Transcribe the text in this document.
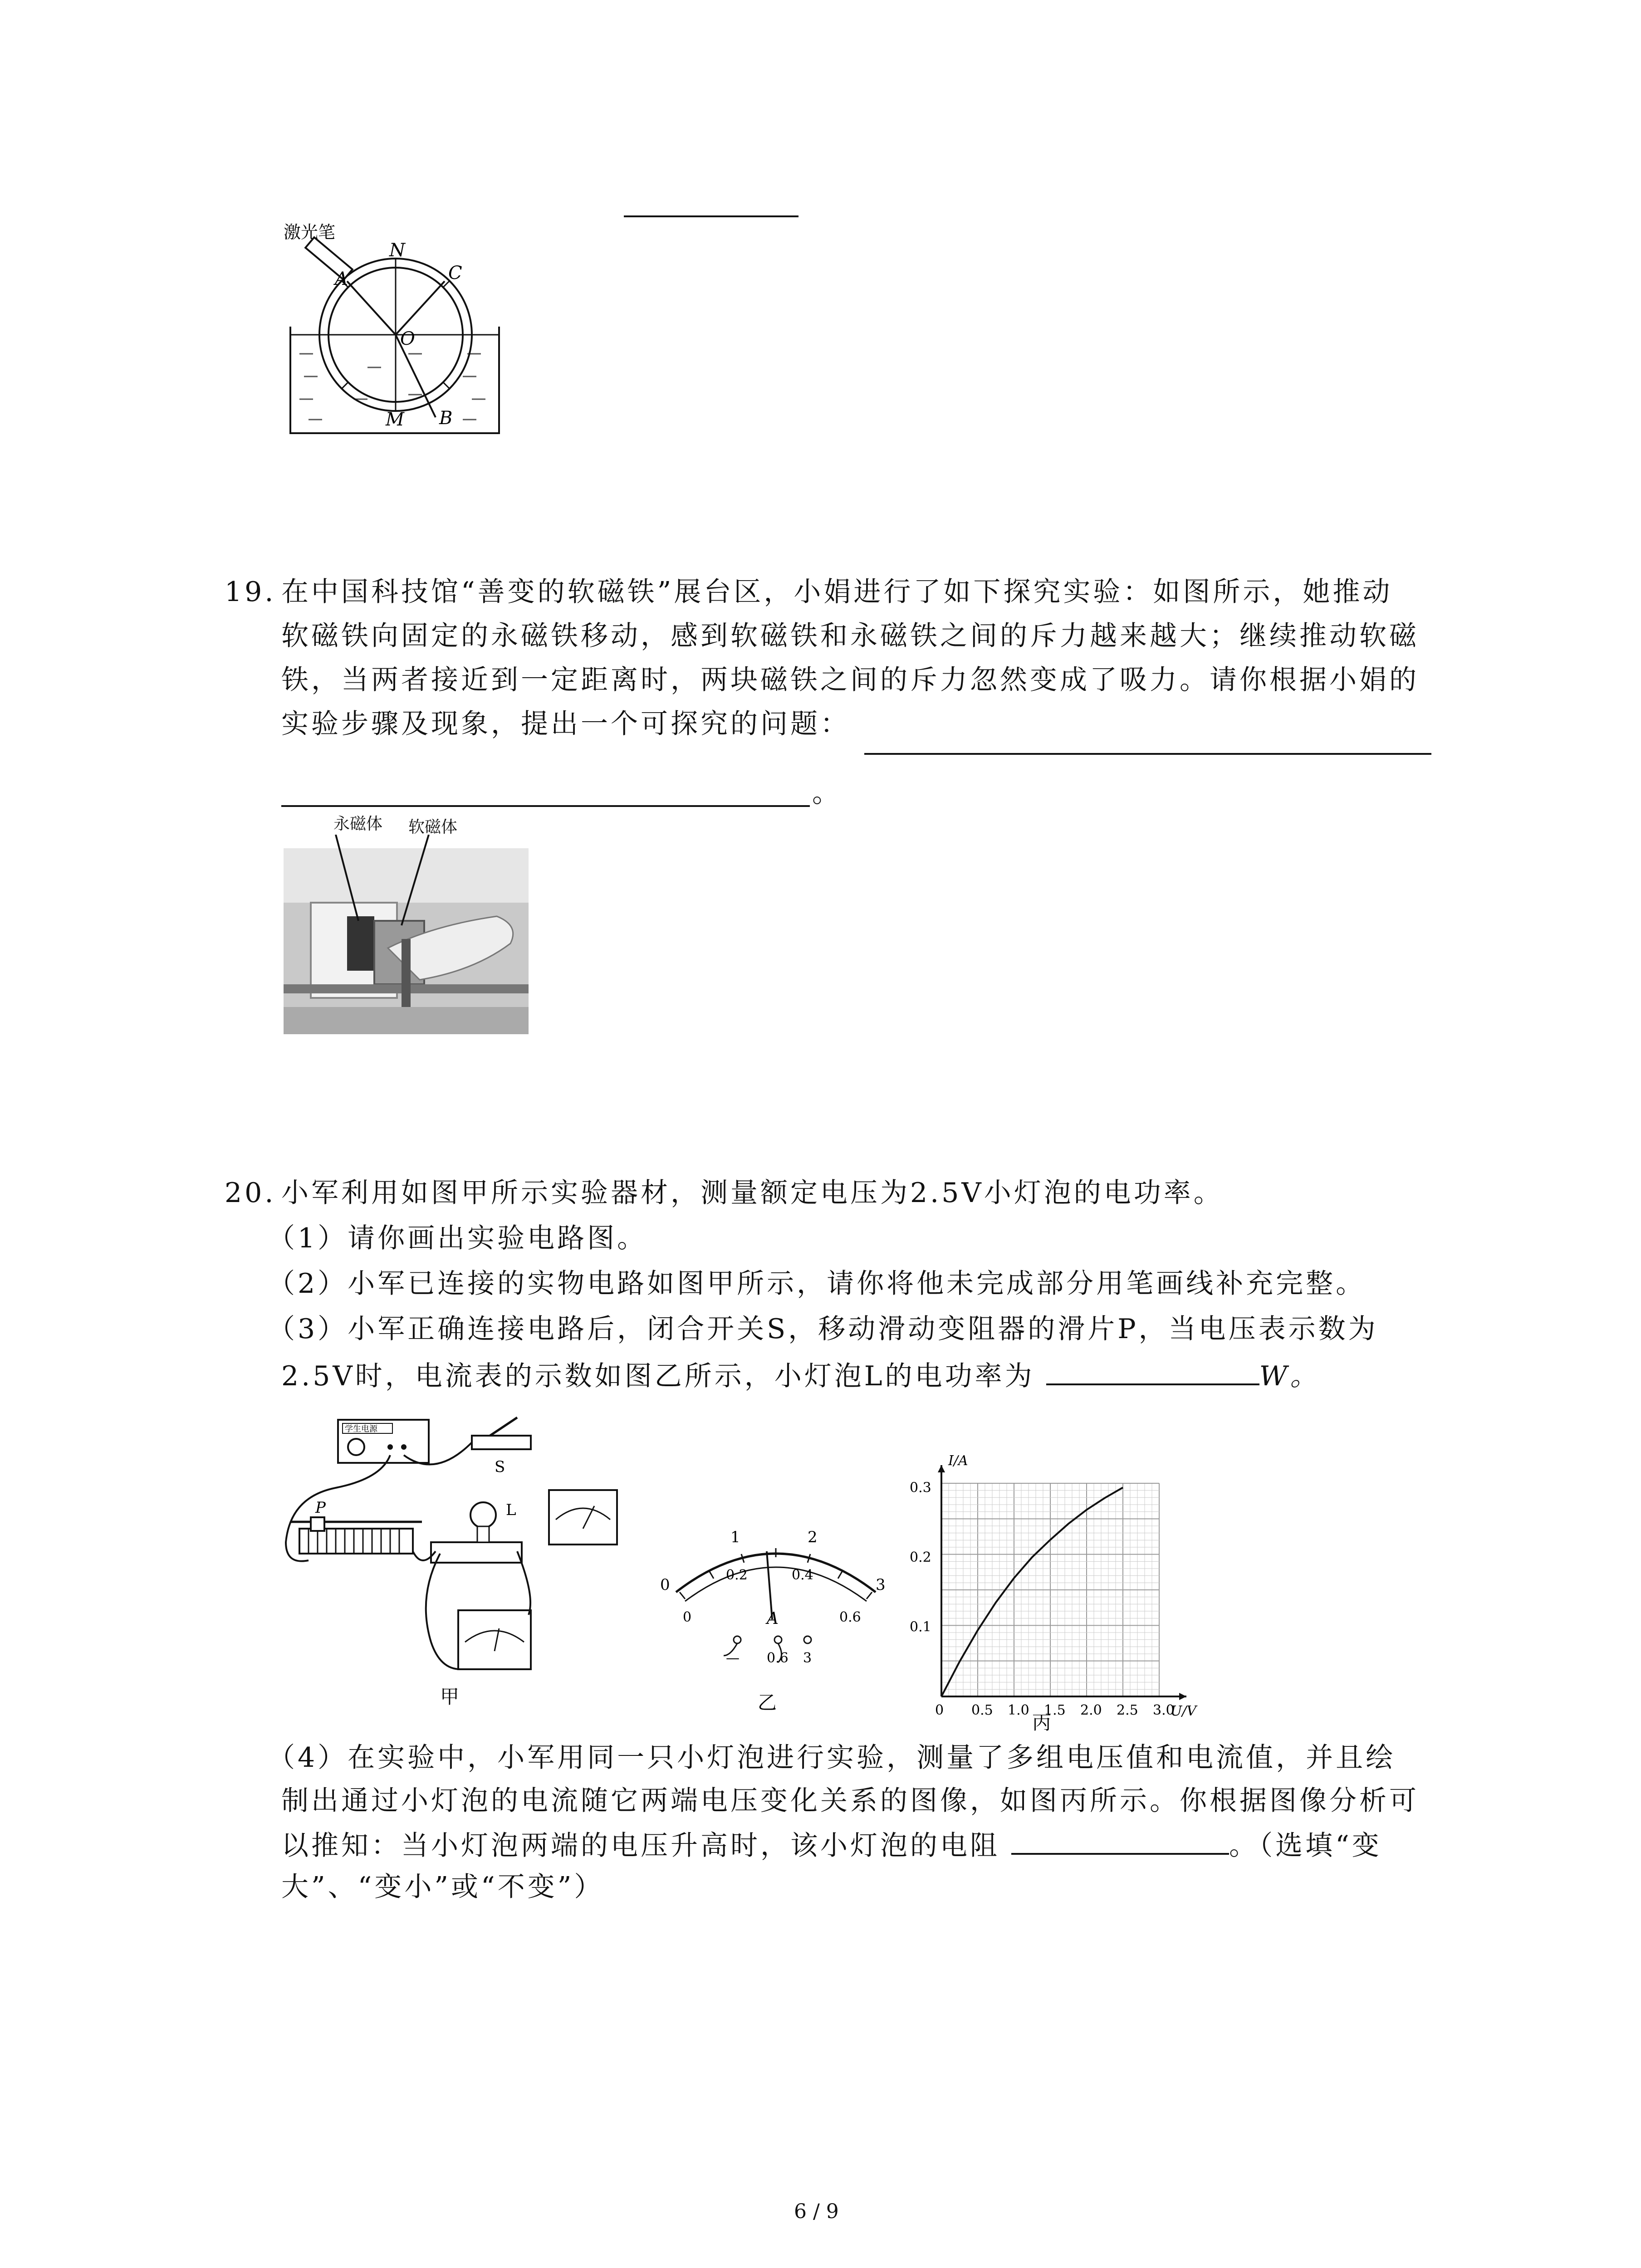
激光笔
A
N
C
O
M B
19. 在中国科技馆“善变的软磁铁”展台区，小娟进行了如下探究实验：如图所示，她推动
软磁铁向固定的永磁铁移动，感到软磁铁和永磁铁之间的斥力越来越大；继续推动软磁
铁，当两者接近到一定距离时，两块磁铁之间的斥力忽然变成了吸力。请你根据小娟的
实验步骤及现象，提出一个可探究的问题：
。
永磁体 软磁体
20. 小军利用如图甲所示实验器材，测量额定电压为2.5V小灯泡的电功率。
（1）请你画出实验电路图。
（2）小军已连接的实物电路如图甲所示，请你将他未完成部分用笔画线补充完整。
（3）小军正确连接电路后，闭合开关S，移动滑动变阻器的滑片P，当电压表示数为
2.5V时，电流表的示数如图乙所示，小灯泡L的电功率为	W。
学生电源
S
P	L
甲
0
1	2
3
0
0.2	0.4
0.6
A
— 0.6 3
乙	0 0.5 1.0 1.5 2.0 2.5 3.0
0.1
0.2
0.3
I/A
U/V
丙
（4）在实验中，小军用同一只小灯泡进行实验，测量了多组电压值和电流值，并且绘
制出通过小灯泡的电流随它两端电压变化关系的图像，如图丙所示。你根据图像分析可
以推知：当小灯泡两端的电压升高时，该小灯泡的电阻	。（选填“变
大”、“变小”或“不变”）
6 / 9
